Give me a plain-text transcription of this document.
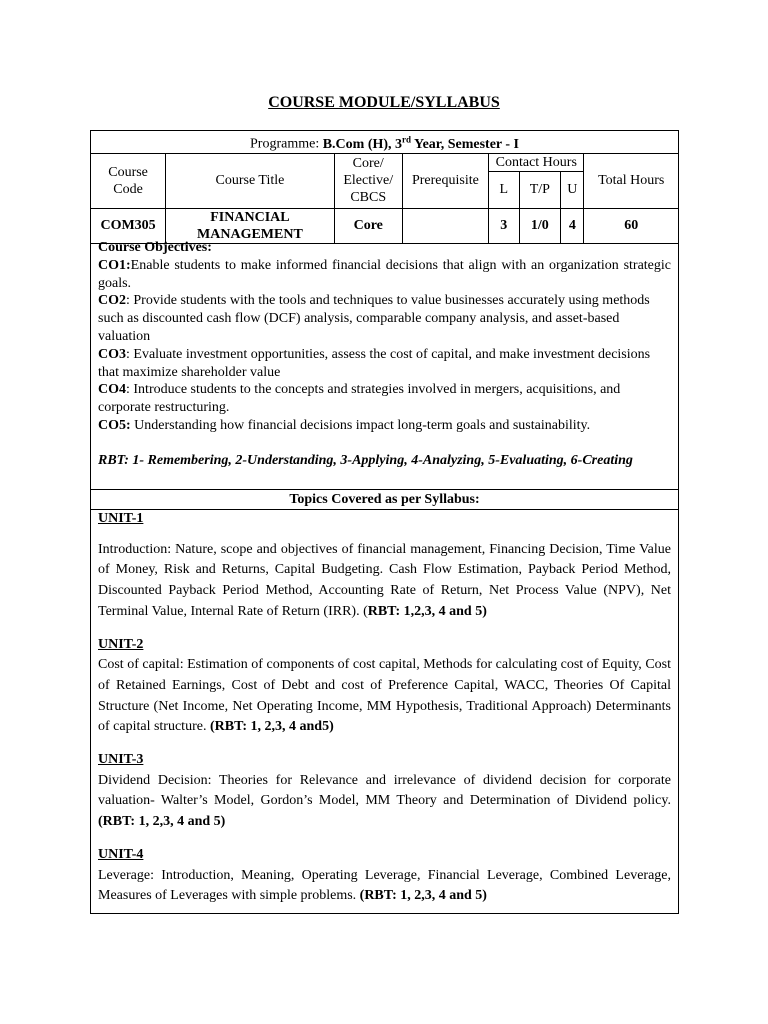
COURSE MODULE/SYLLABUS
Programme: B.Com (H), 3rd Year, Semester - I							
Course Code	Course Title	Core/ Elective/ CBCS	Prerequisite	Contact Hours			Total Hours
				L	T/P	U	
COM305	FINANCIAL MANAGEMENT	Core		3	1/0	4	60

Course Objectives:

CO1:Enable students to make informed financial decisions that align with an organization strategic goals.

CO2: Provide students with the tools and techniques to value businesses accurately using methods such as discounted cash flow (DCF) analysis, comparable company analysis, and asset-based valuation

CO3: Evaluate investment opportunities, assess the cost of capital, and make investment decisions that maximize shareholder value

CO4: Introduce students to the concepts and strategies involved in mergers, acquisitions, and corporate restructuring.

CO5: Understanding how financial decisions impact long-term goals and sustainability.

RBT: 1- Remembering, 2-Understanding, 3-Applying, 4-Analyzing, 5-Evaluating, 6-Creating

Topics Covered as per Syllabus:

UNIT-1

Introduction: Nature, scope and objectives of financial management, Financing Decision, Time Value of Money, Risk and Returns, Capital Budgeting. Cash Flow Estimation, Payback Period Method, Discounted Payback Period Method, Accounting Rate of Return, Net Process Value (NPV), Net Terminal Value, Internal Rate of Return (IRR). (RBT: 1,2,3, 4 and 5)

UNIT-2

Cost of capital: Estimation of components of cost capital, Methods for calculating cost of Equity, Cost of Retained Earnings, Cost of Debt and cost of Preference Capital, WACC, Theories Of Capital Structure (Net Income, Net Operating Income, MM Hypothesis, Traditional Approach) Determinants of capital structure. (RBT: 1, 2,3, 4 and5)

UNIT-3

Dividend Decision: Theories for Relevance and irrelevance of dividend decision for corporate valuation- Walter’s Model, Gordon’s Model, MM Theory and Determination of Dividend policy.(RBT: 1, 2,3, 4 and 5)

UNIT-4

Leverage: Introduction, Meaning, Operating Leverage, Financial Leverage, Combined Leverage, Measures of Leverages with simple problems. (RBT: 1, 2,3, 4 and 5)
